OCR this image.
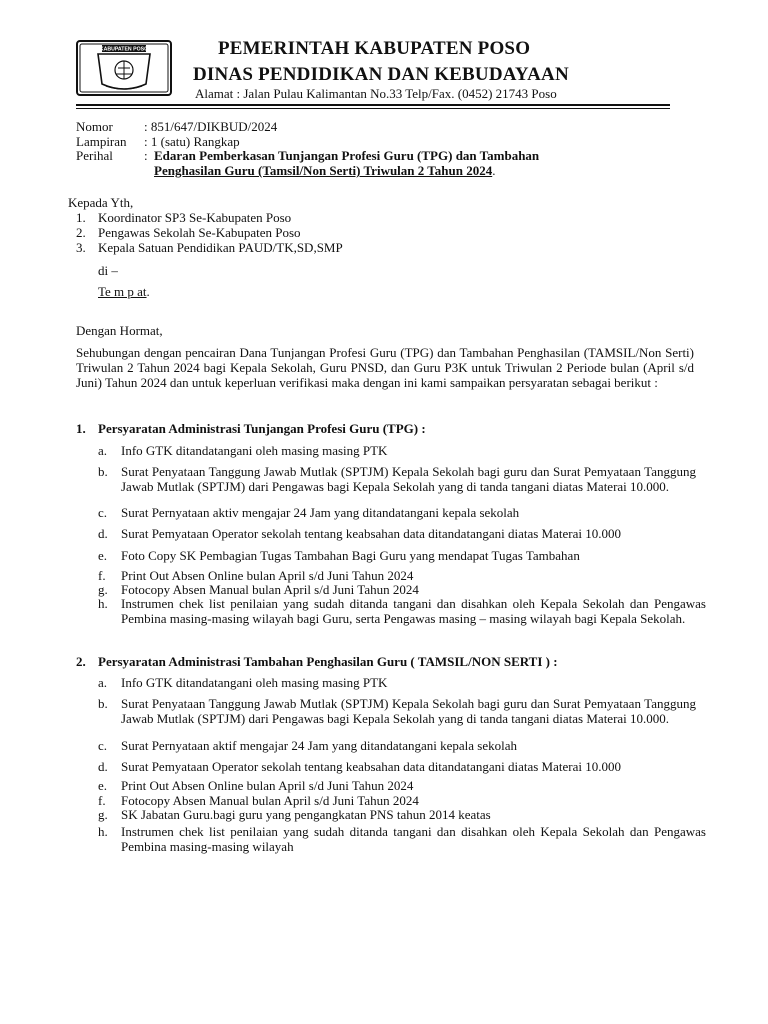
KABUPATEN POSO	PEMERINTAH KABUPATEN POSO
DINAS PENDIDIKAN DAN KEBUDAYAAN
Alamat : Jalan Pulau Kalimantan No.33 Telp/Fax. (0452) 21743 Poso
Nomor : 851/647/DIKBUD/2024
Lampiran : 1 (satu) Rangkap
Perihal : Edaran Pemberkasan Tunjangan Profesi Guru (TPG) dan Tambahan
Penghasilan Guru (Tamsil/Non Serti) Triwulan 2 Tahun 2024.
Kepada Yth,
1. Koordinator SP3 Se-Kabupaten Poso
2. Pengawas Sekolah Se-Kabupaten Poso
3. Kepala Satuan Pendidikan PAUD/TK,SD,SMP
di –
Te m p at.
Dengan Hormat,
Sehubungan dengan pencairan Dana Tunjangan Profesi Guru (TPG) dan Tambahan Penghasilan (TAMSIL/Non Serti) Triwulan 2 Tahun 2024 bagi Kepala Sekolah, Guru PNSD, dan Guru P3K untuk Triwulan 2 Periode bulan (April s/d Juni) Tahun 2024 dan untuk keperluan verifikasi maka dengan ini kami sampaikan persyaratan sebagai berikut :
1. Persyaratan Administrasi Tunjangan Profesi Guru (TPG) :
a. Info GTK ditandatangani oleh masing masing PTK
b. Surat Penyataan Tanggung Jawab Mutlak (SPTJM) Kepala Sekolah bagi guru dan Surat Pemyataan Tanggung Jawab Mutlak (SPTJM) dari Pengawas bagi Kepala Sekolah yang di tanda tangani diatas Materai 10.000.
c. Surat Pernyataan aktiv mengajar 24 Jam yang ditandatangani kepala sekolah
d. Surat Pemyataan Operator sekolah tentang keabsahan data ditandatangani diatas Materai 10.000
e. Foto Copy SK Pembagian Tugas Tambahan Bagi Guru yang mendapat Tugas Tambahan
f. Print Out Absen Online bulan April s/d Juni Tahun 2024
g. Fotocopy Absen Manual bulan April s/d Juni Tahun 2024
h. Instrumen chek list penilaian yang sudah ditanda tangani dan disahkan oleh Kepala Sekolah dan Pengawas Pembina masing-masing wilayah bagi Guru, serta Pengawas masing – masing wilayah bagi Kepala Sekolah.
2. Persyaratan Administrasi Tambahan Penghasilan Guru ( TAMSIL/NON SERTI ) :
a. Info GTK ditandatangani oleh masing masing PTK
b. Surat Penyataan Tanggung Jawab Mutlak (SPTJM) Kepala Sekolah bagi guru dan Surat Pemyataan Tanggung Jawab Mutlak (SPTJM) dari Pengawas bagi Kepala Sekolah yang di tanda tangani diatas Materai 10.000.
c. Surat Pernyataan aktif mengajar 24 Jam yang ditandatangani kepala sekolah
d. Surat Pemyataan Operator sekolah tentang keabsahan data ditandatangani diatas Materai 10.000
e. Print Out Absen Online bulan April s/d Juni Tahun 2024
f. Fotocopy Absen Manual bulan April s/d Juni Tahun 2024
g. SK Jabatan Guru.bagi guru yang pengangkatan PNS tahun 2014 keatas
h. Instrumen chek list penilaian yang sudah ditanda tangani dan disahkan oleh Kepala Sekolah dan Pengawas Pembina masing-masing wilayah
